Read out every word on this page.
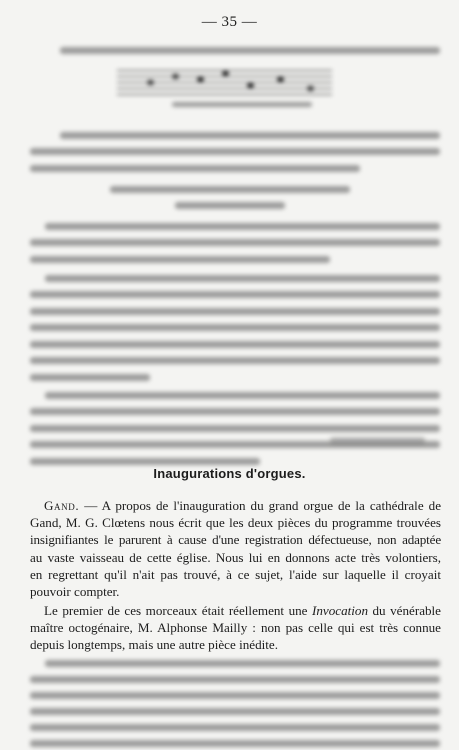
— 35 —
Inaugurations d'orgues.
Gand. — A propos de l'inauguration du grand orgue de la cathédrale de
Gand, M. G. Clœtens nous écrit que les deux pièces du programme trouvées
insignifiantes le parurent à cause d'une registration défectueuse, non adaptée
au vaste vaisseau de cette église. Nous lui en donnons acte très volontiers,
en regrettant qu'il n'ait pas trouvé, à ce sujet, l'aide sur laquelle il croyait
pouvoir compter.
Le premier de ces morceaux était réellement une Invocation du vénérable
maître octogénaire, M. Alphonse Mailly : non pas celle qui est très connue
depuis longtemps, mais une autre pièce inédite.
